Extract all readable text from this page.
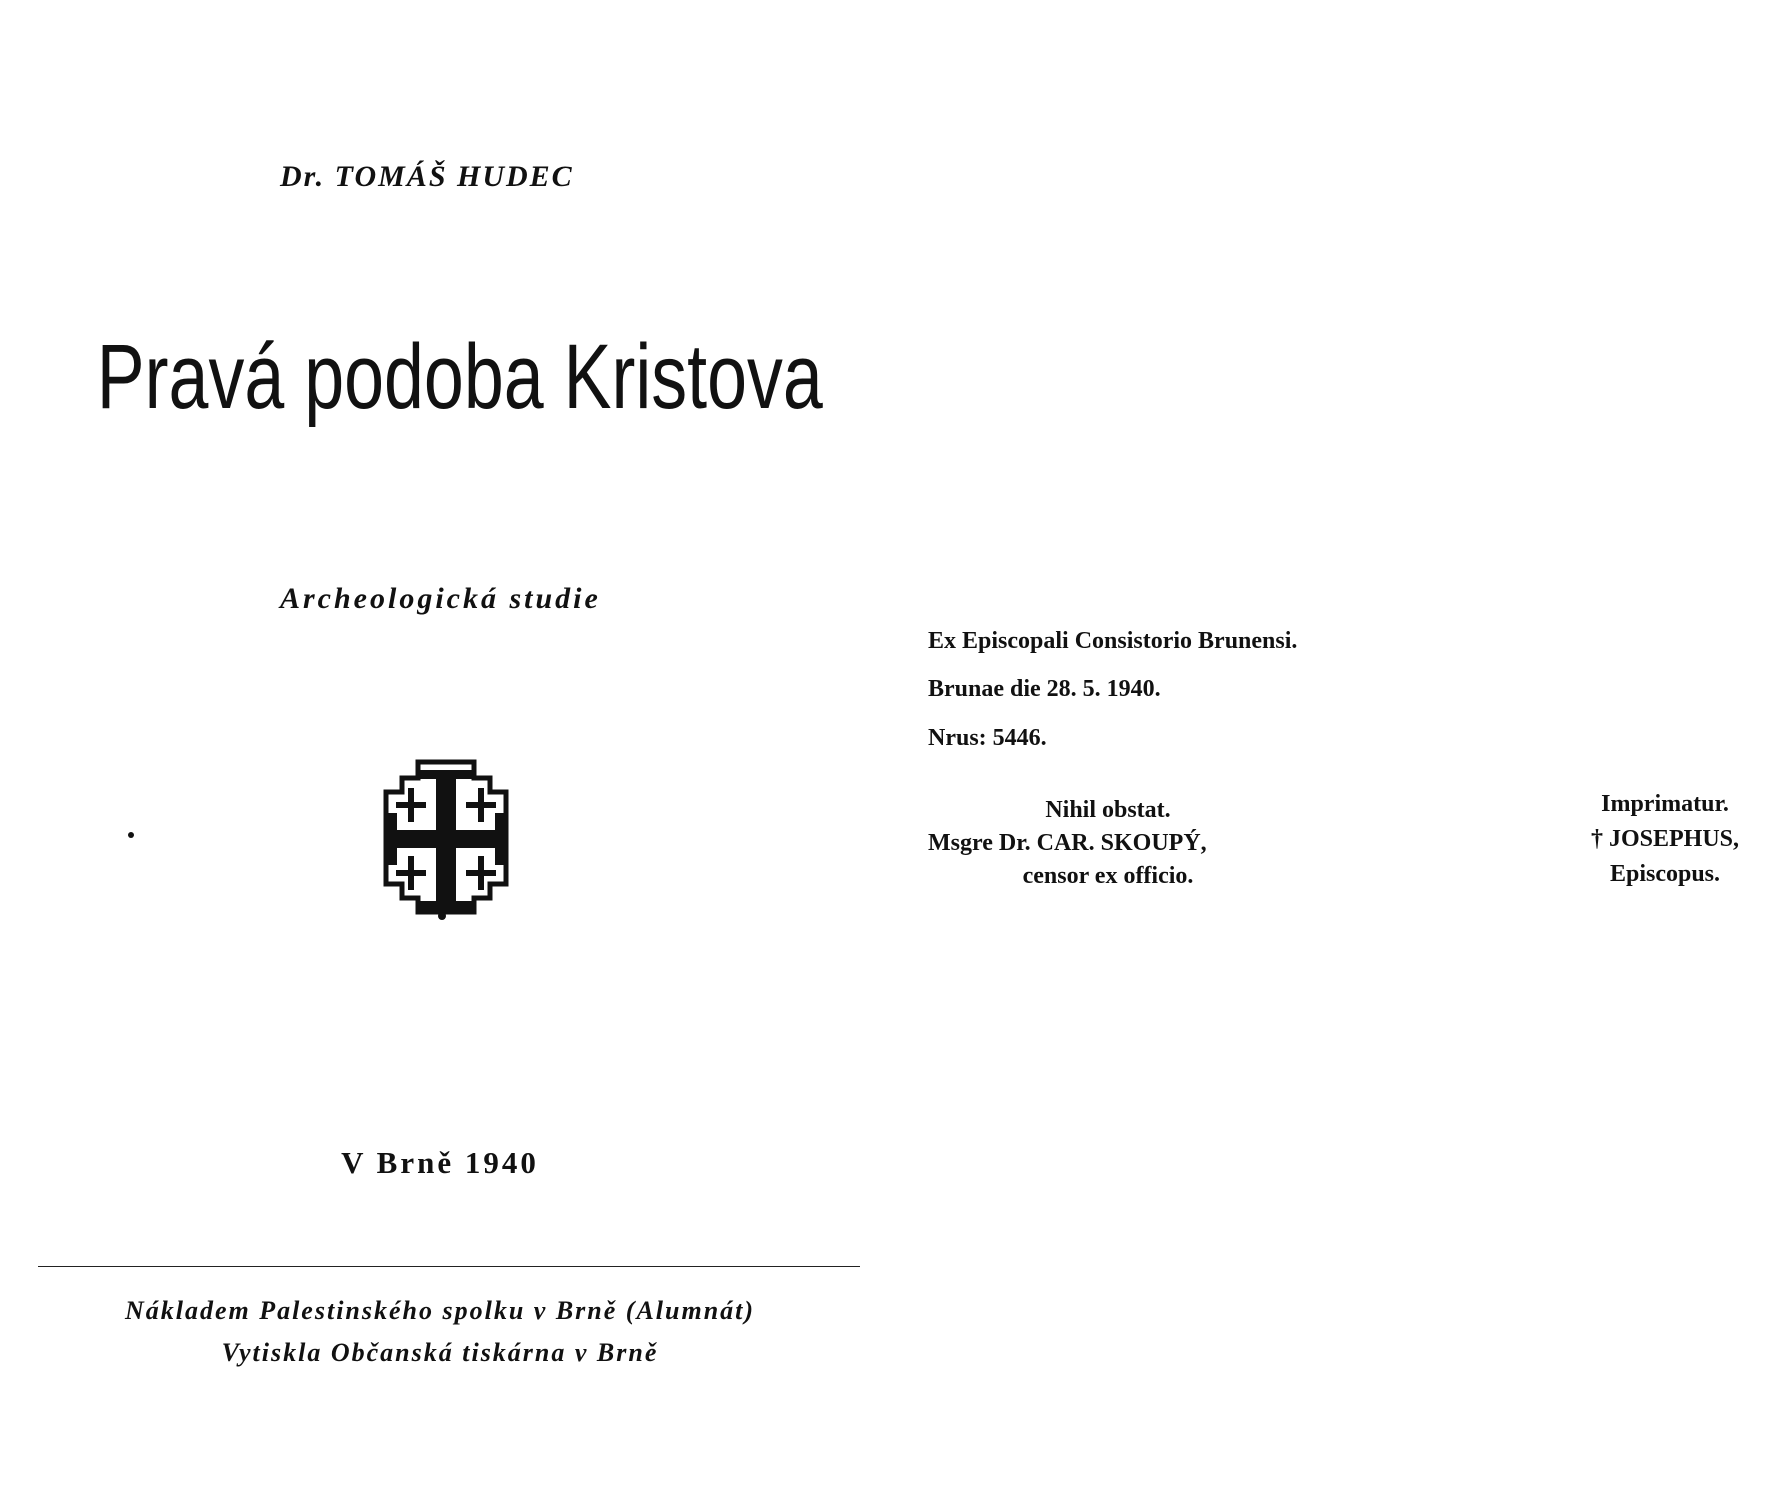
Dr. TOMÁŠ HUDEC
Pravá podoba Kristova
Archeologická studie
V Brně 1940
Nákladem Palestinského spolku v Brně (Alumnát)
Vytiskla Občanská tiskárna v Brně
Ex Episcopali Consistorio Brunensi.
Brunae die 28. 5. 1940.
Nrus: 5446.
Nihil obstat.
Msgre Dr. CAR. SKOUPÝ,
censor ex officio.
Imprimatur.
† JOSEPHUS,
Episcopus.
